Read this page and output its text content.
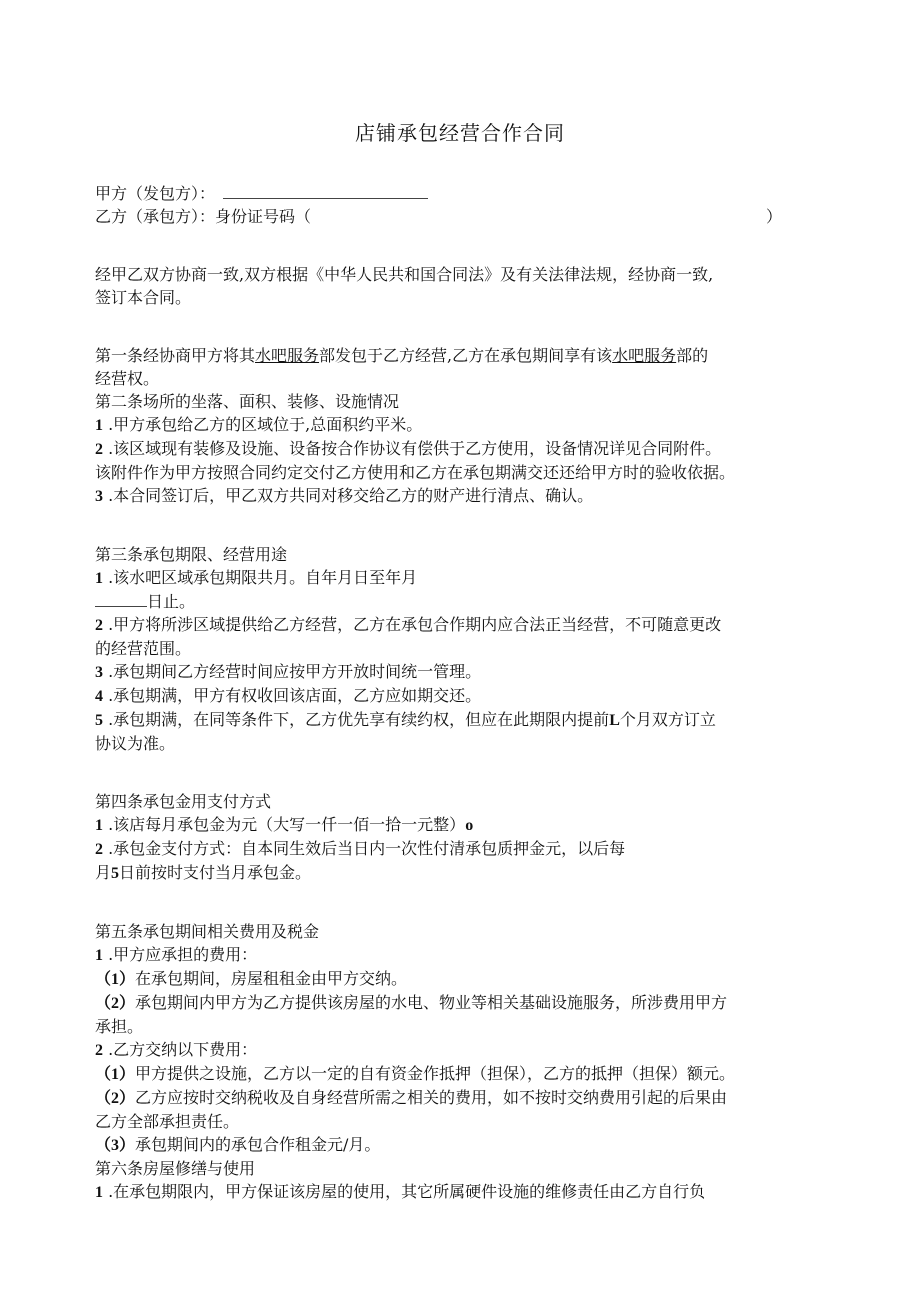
店铺承包经营合作合同

甲方（发包方）：

乙方（承包方）：身份证号码（	）

经甲乙双方协商一致,双方根据《中华人民共和国合同法》及有关法律法规，经协商一致,

签订本合同。

第一条经协商甲方将其水吧服务部发包于乙方经营,乙方在承包期间享有该水吧服务部的

经营权。

第二条场所的坐落、面积、装修、设施情况

1 .甲方承包给乙方的区域位于,总面积约平米。

2 .该区域现有装修及设施、设备按合作协议有偿供于乙方使用，设备情况详见合同附件。

该附件作为甲方按照合同约定交付乙方使用和乙方在承包期满交还还给甲方时的验收依据。

3 .本合同签订后，甲乙双方共同对移交给乙方的财产进行清点、确认。

第三条承包期限、经营用途

1 .该水吧区域承包期限共月。自年月日至年月

日止。

2 .甲方将所涉区域提供给乙方经营，乙方在承包合作期内应合法正当经营，不可随意更改

的经营范围。

3 .承包期间乙方经营时间应按甲方开放时间统一管理。

4 .承包期满，甲方有权收回该店面，乙方应如期交还。

5 .承包期满，在同等条件下，乙方优先享有续约权，但应在此期限内提前L个月双方订立

协议为准。

第四条承包金用支付方式

1 .该店每月承包金为元（大写一仟一佰一拾一元整）o

2 .承包金支付方式：自本同生效后当日内一次性付清承包质押金元，以后每

月5日前按时支付当月承包金。

第五条承包期间相关费用及税金

1 .甲方应承担的费用：

（1）在承包期间，房屋租租金由甲方交纳。

（2）承包期间内甲方为乙方提供该房屋的水电、物业等相关基础设施服务，所涉费用甲方

承担。

2 .乙方交纳以下费用：

（1）甲方提供之设施，乙方以一定的自有资金作抵押（担保），乙方的抵押（担保）额元。

（2）乙方应按时交纳税收及自身经营所需之相关的费用，如不按时交纳费用引起的后果由

乙方全部承担责任。

（3）承包期间内的承包合作租金元/月。

第六条房屋修缮与使用

1 .在承包期限内，甲方保证该房屋的使用，其它所属硬件设施的维修责任由乙方自行负
